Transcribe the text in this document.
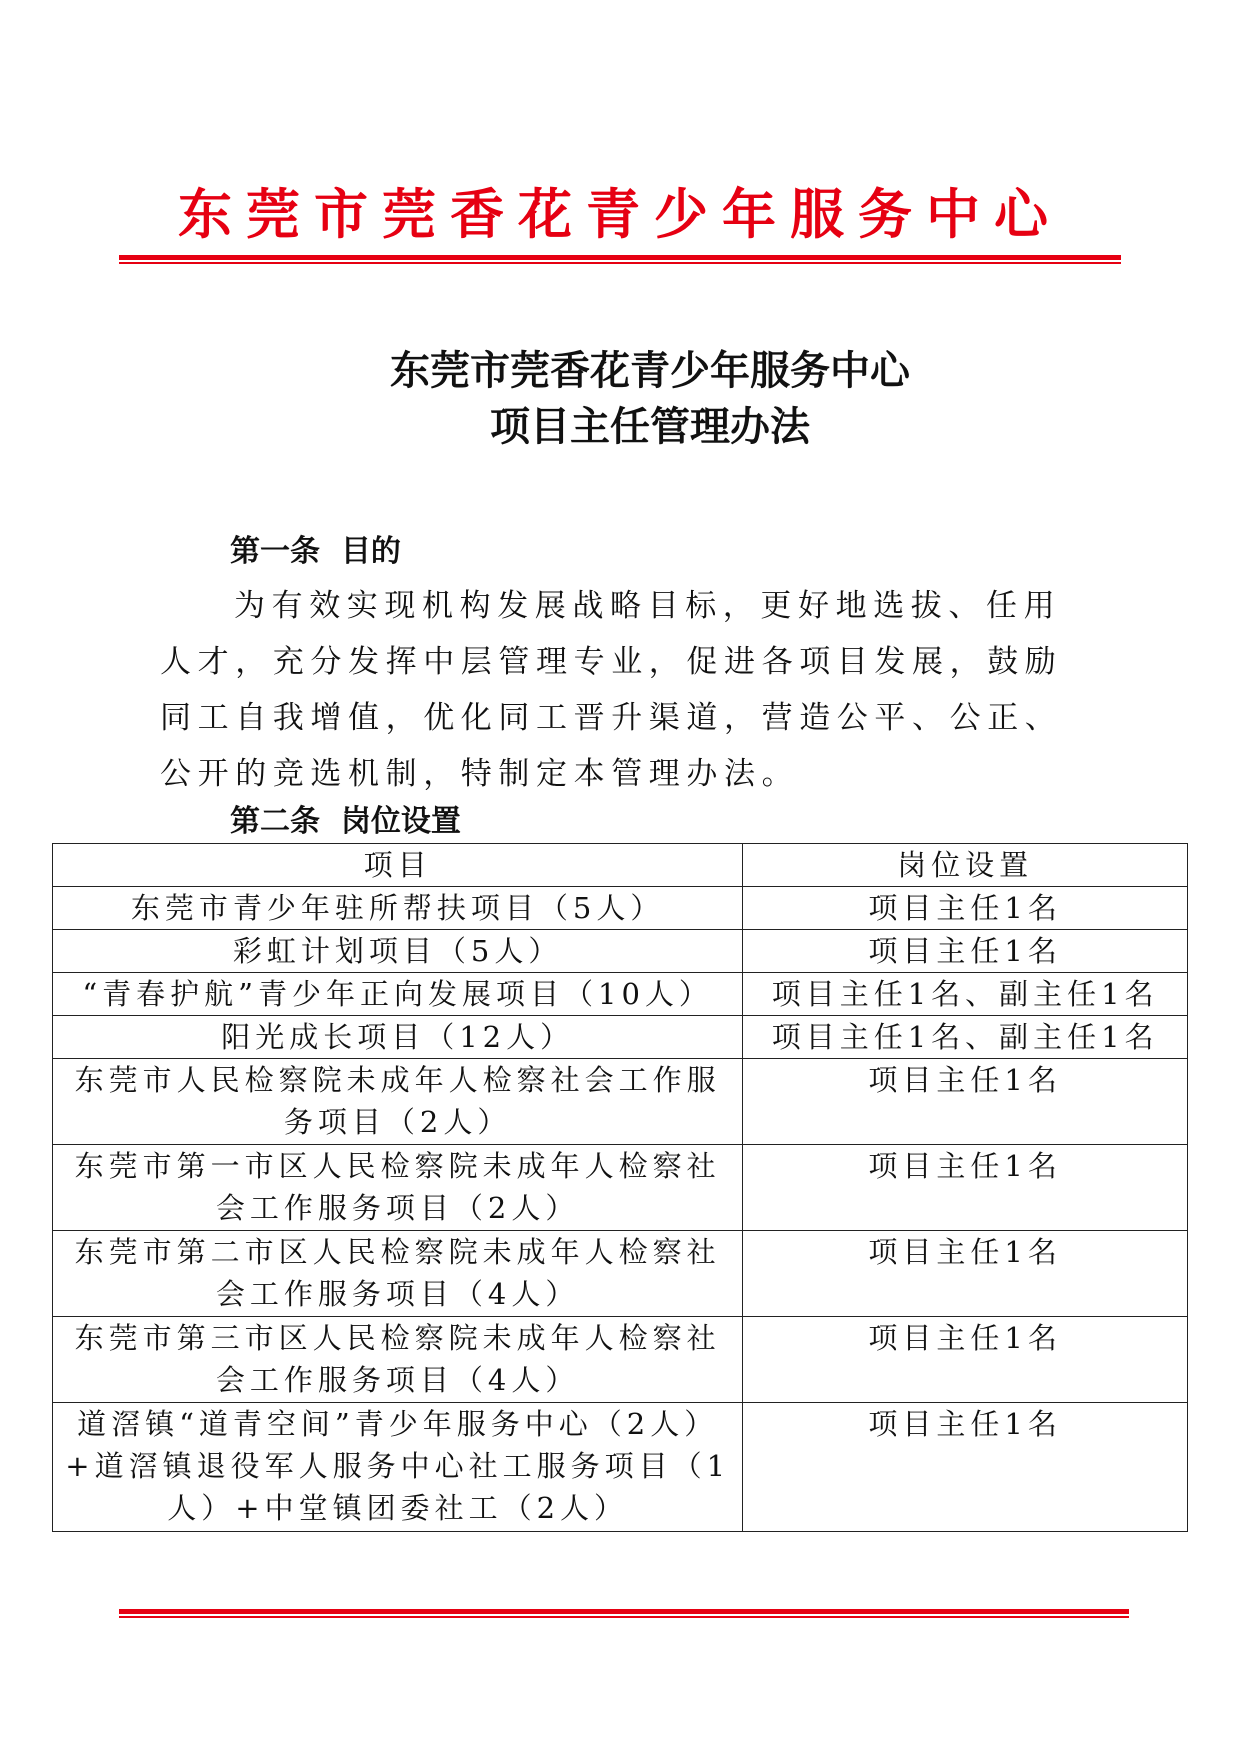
东莞市莞香花青少年服务中心
东莞市莞香花青少年服务中心
项目主任管理办法
第一条  目的

为有效实现机构发展战略目标，更好地选拔、任用人才，充分发挥中层管理专业，促进各项目发展，鼓励同工自我增值，优化同工晋升渠道，营造公平、公正、公开的竞选机制，特制定本管理办法。

第二条  岗位设置
项目	岗位设置
东莞市青少年驻所帮扶项目（5人）	项目主任1名
彩虹计划项目（5人）	项目主任1名
“青春护航”青少年正向发展项目（10人）	项目主任1名、副主任1名
阳光成长项目（12人）	项目主任1名、副主任1名
东莞市人民检察院未成年人检察社会工作服务项目（2人）	项目主任1名
东莞市第一市区人民检察院未成年人检察社会工作服务项目（2人）	项目主任1名
东莞市第二市区人民检察院未成年人检察社会工作服务项目（4人）	项目主任1名
东莞市第三市区人民检察院未成年人检察社会工作服务项目（4人）	项目主任1名
道滘镇“道青空间”青少年服务中心（2人）+道滘镇退役军人服务中心社工服务项目（1人）+中堂镇团委社工（2人）	项目主任1名
